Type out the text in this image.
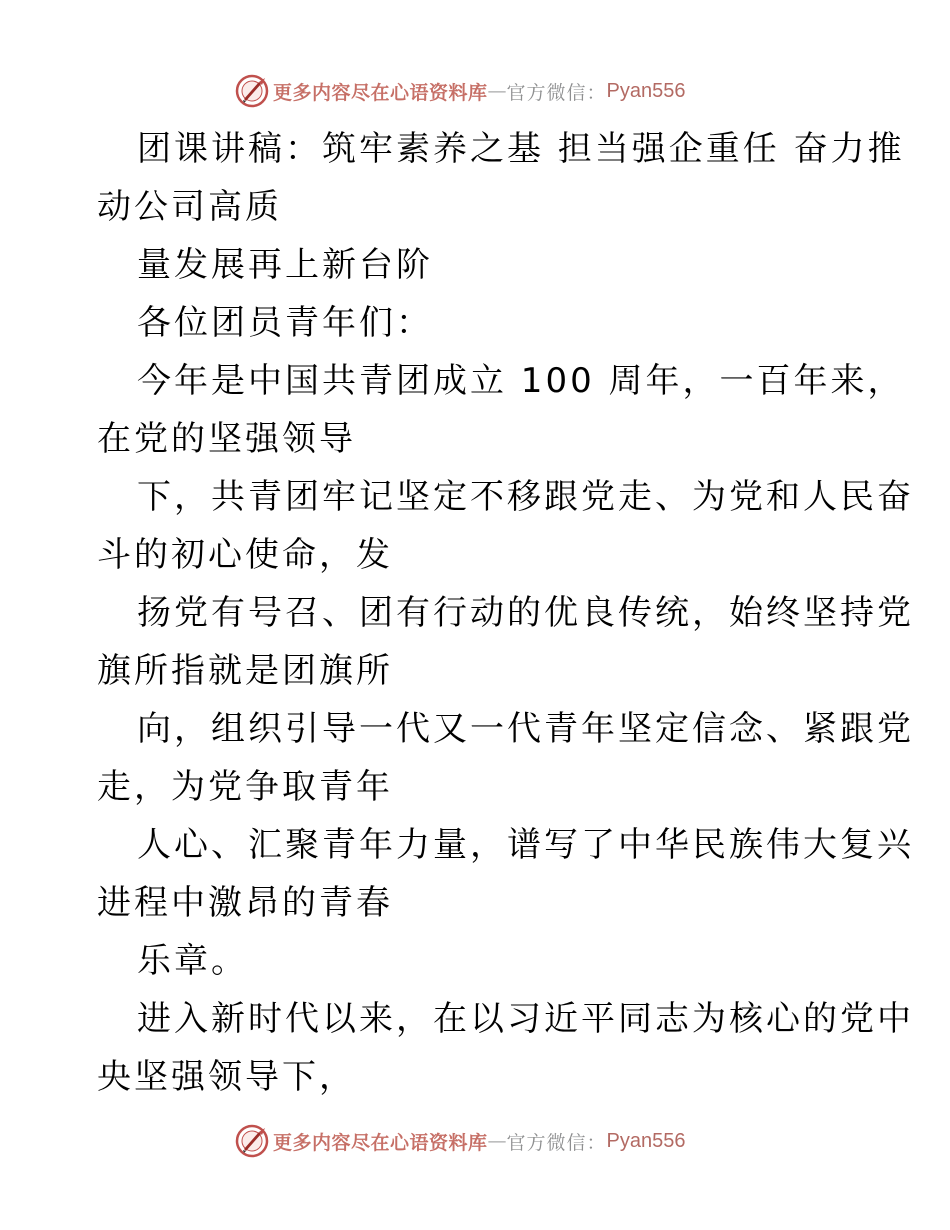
更多内容尽在心语资料库 — 官方微信： Pyan556
团课讲稿：筑牢素养之基 担当强企重任 奋力推
动公司高质
量发展再上新台阶
各位团员青年们：
今年是中国共青团成立 100 周年，一百年来，
在党的坚强领导
下，共青团牢记坚定不移跟党走、为党和人民奋
斗的初心使命，发
扬党有号召、团有行动的优良传统，始终坚持党
旗所指就是团旗所
向，组织引导一代又一代青年坚定信念、紧跟党
走，为党争取青年
人心、汇聚青年力量，谱写了中华民族伟大复兴
进程中激昂的青春
乐章。
进入新时代以来，在以习近平同志为核心的党中
央坚强领导下，
更多内容尽在心语资料库 — 官方微信： Pyan556
